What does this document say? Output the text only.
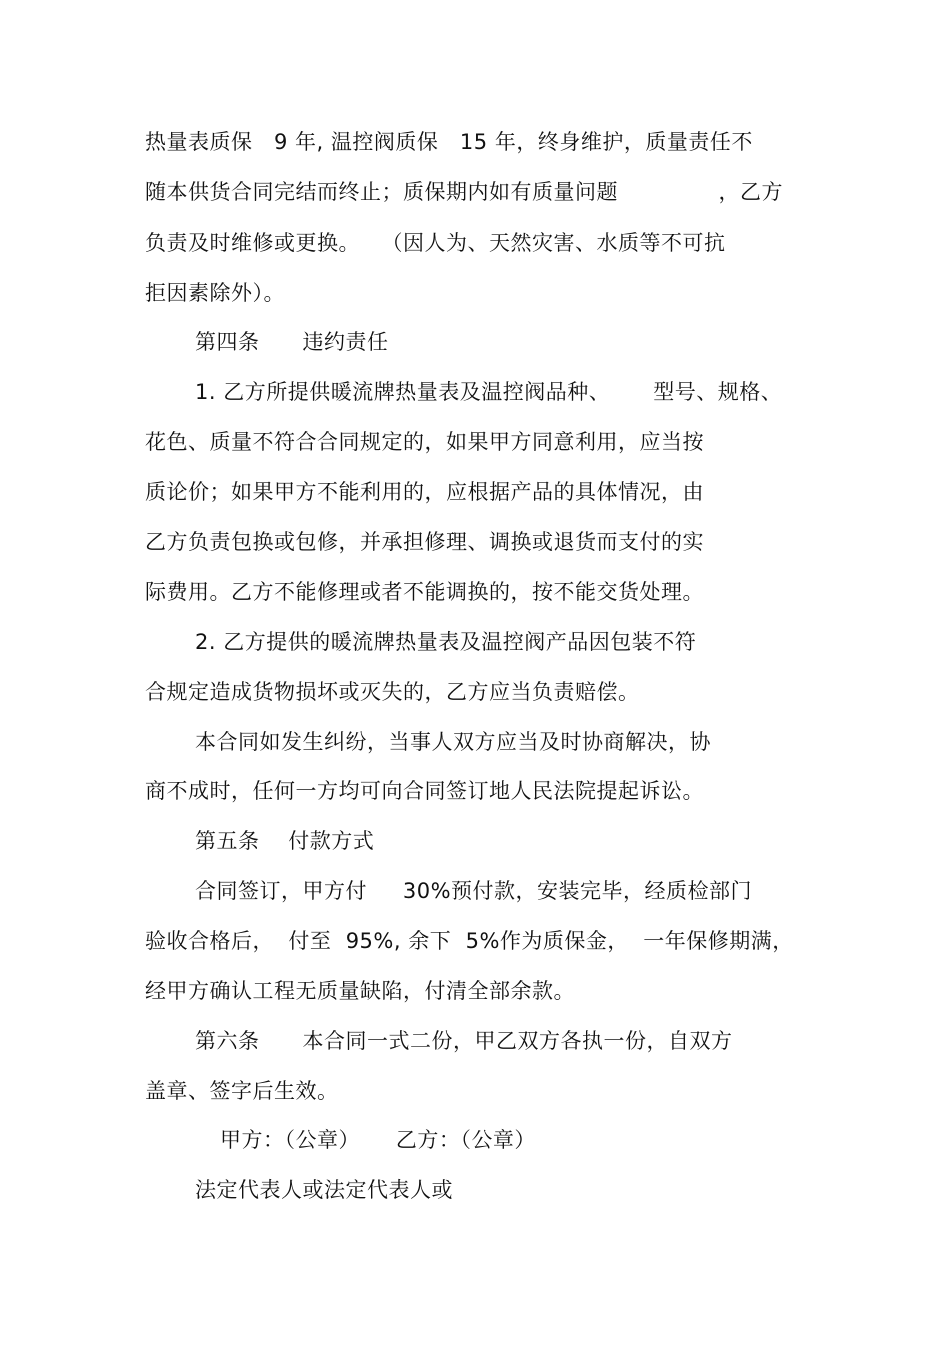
热量表质保   9 年, 温控阀质保   15 年，终身维护，质量责任不
随本供货合同完结而终止；质保期内如有质量问题              ，乙方
负责及时维修或更换。   （因人为、天然灾害、水质等不可抗
拒因素除外）。
第四条      违约责任
1. 乙方所提供暖流牌热量表及温控阀品种、      型号、规格、
花色、质量不符合合同规定的，如果甲方同意利用，应当按
质论价；如果甲方不能利用的，应根据产品的具体情况，由
乙方负责包换或包修，并承担修理、调换或退货而支付的实
际费用。乙方不能修理或者不能调换的，按不能交货处理。
2. 乙方提供的暖流牌热量表及温控阀产品因包装不符
合规定造成货物损坏或灭失的，乙方应当负责赔偿。
本合同如发生纠纷，当事人双方应当及时协商解决，协
商不成时，任何一方均可向合同签订地人民法院提起诉讼。
第五条    付款方式
合同签订，甲方付     30%预付款，安装完毕，经质检部门
验收合格后，  付至  95%, 余下  5%作为质保金，  一年保修期满，
经甲方确认工程无质量缺陷，付清全部余款。
第六条      本合同一式二份，甲乙双方各执一份，自双方
盖章、签字后生效。
甲方：（公章）     乙方：（公章）
法定代表人或法定代表人或
